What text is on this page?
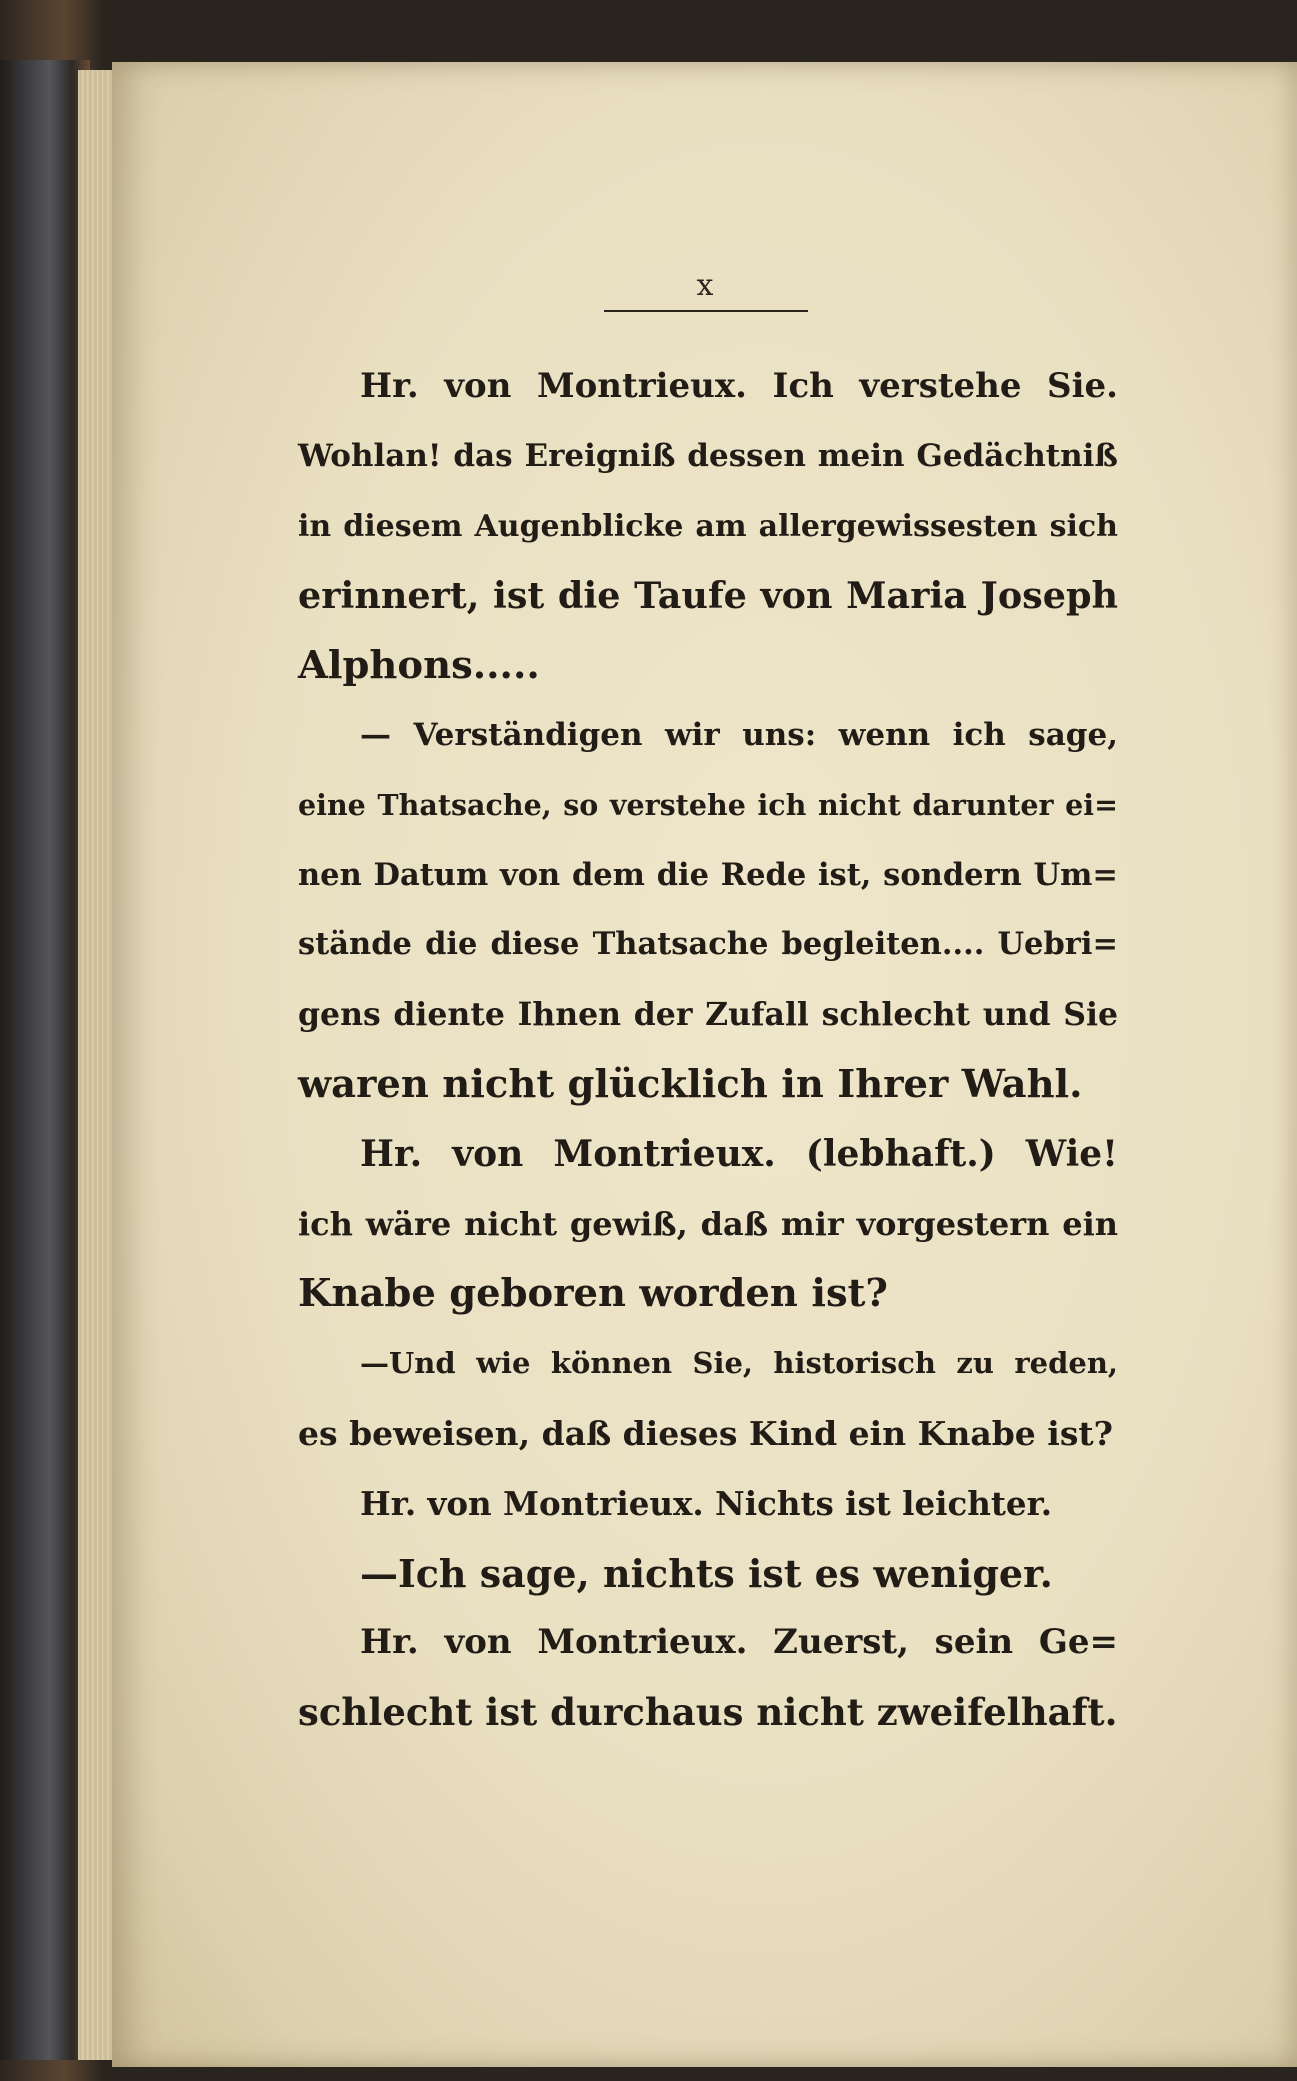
x
Hr. von Montrieux. Ich verstehe Sie.
Wohlan! das Ereigniß dessen mein Gedächtniß
in diesem Augenblicke am allergewissesten sich
erinnert, ist die Taufe von Maria Joseph
Alphons.....
— Verständigen wir uns: wenn ich sage,
eine Thatsache, so verstehe ich nicht darunter ei=
nen Datum von dem die Rede ist, sondern Um=
stände die diese Thatsache begleiten.... Uebri=
gens diente Ihnen der Zufall schlecht und Sie
waren nicht glücklich in Ihrer Wahl.
Hr. von Montrieux. (lebhaft.) Wie!
ich wäre nicht gewiß, daß mir vorgestern ein
Knabe geboren worden ist?
—Und wie können Sie, historisch zu reden,
es beweisen, daß dieses Kind ein Knabe ist?
Hr. von Montrieux. Nichts ist leichter.
—Ich sage, nichts ist es weniger.
Hr. von Montrieux. Zuerst, sein Ge=
schlecht ist durchaus nicht zweifelhaft.
